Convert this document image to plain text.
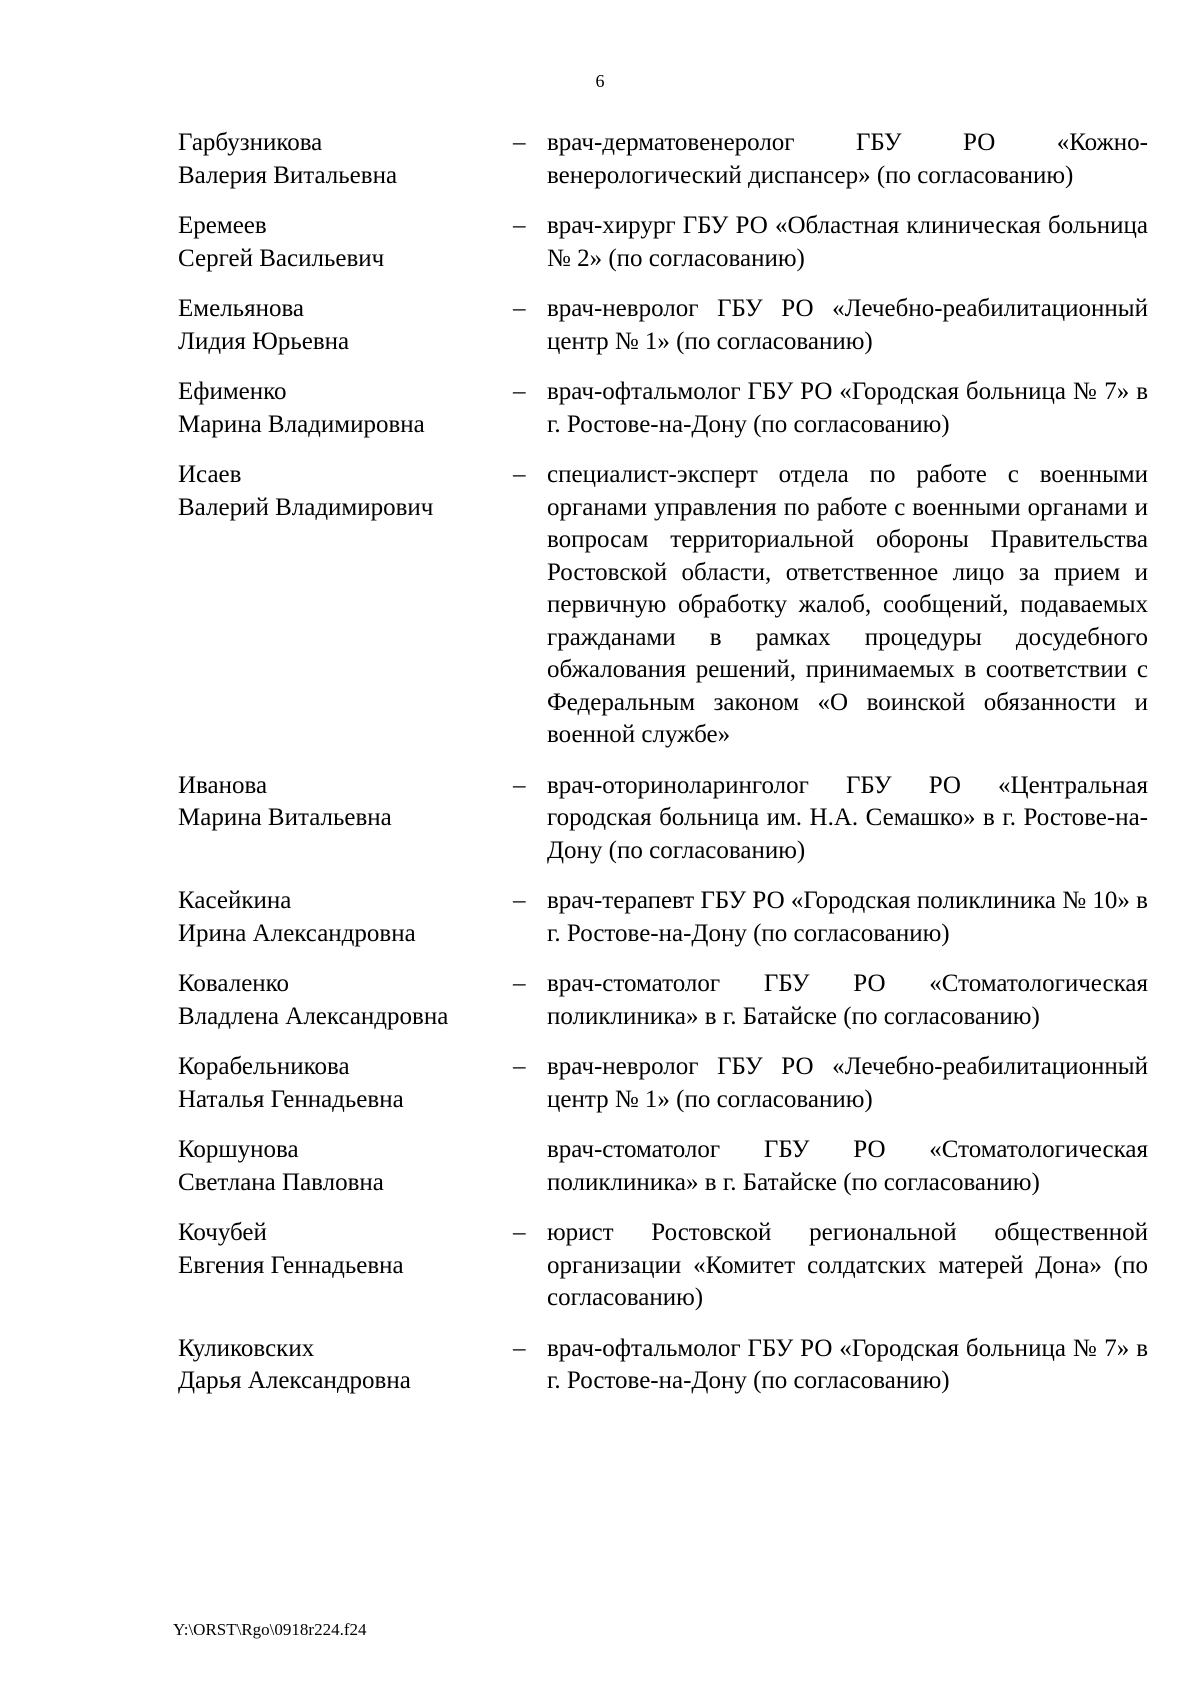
6
Гарбузникова
Валерия Витальевна
– врач-дерматовенеролог ГБУ РО «Кожно-венерологический диспансер» (по согласованию)
Еремеев
Сергей Васильевич
– врач-хирург ГБУ РО «Областная клиническая больница № 2» (по согласованию)
Емельянова
Лидия Юрьевна
– врач-невролог ГБУ РО «Лечебно-реабилитационный центр № 1» (по согласованию)
Ефименко
Марина Владимировна
– врач-офтальмолог ГБУ РО «Городская больница № 7» в г. Ростове-на-Дону (по согласованию)
Исаев
Валерий Владимирович
– специалист-эксперт отдела по работе с военными органами управления по работе с военными органами и вопросам территориальной обороны Правительства Ростовской области, ответственное лицо за прием и первичную обработку жалоб, сообщений, подаваемых гражданами в рамках процедуры досудебного обжалования решений, принимаемых в соответствии с Федеральным законом «О воинской обязанности и военной службе»
Иванова
Марина Витальевна
– врач-оториноларинголог ГБУ РО «Центральная городская больница им. Н.А. Семашко» в г. Ростове-на-Дону (по согласованию)
Касейкина
Ирина Александровна
– врач-терапевт ГБУ РО «Городская поликлиника № 10» в г. Ростове-на-Дону (по согласованию)
Коваленко
Владлена Александровна
– врач-стоматолог ГБУ РО «Стоматологическая поликлиника» в г. Батайске (по согласованию)
Корабельникова
Наталья Геннадьевна
– врач-невролог ГБУ РО «Лечебно-реабилитационный центр № 1» (по согласованию)
Коршунова
Светлана Павловна
врач-стоматолог ГБУ РО «Стоматологическая поликлиника» в г. Батайске (по согласованию)
Кочубей
Евгения Геннадьевна
– юрист Ростовской региональной общественной организации «Комитет солдатских матерей Дона» (по согласованию)
Куликовских
Дарья Александровна
– врач-офтальмолог ГБУ РО «Городская больница № 7» в г. Ростове-на-Дону (по согласованию)
Y:\ORST\Rgo\0918r224.f24
